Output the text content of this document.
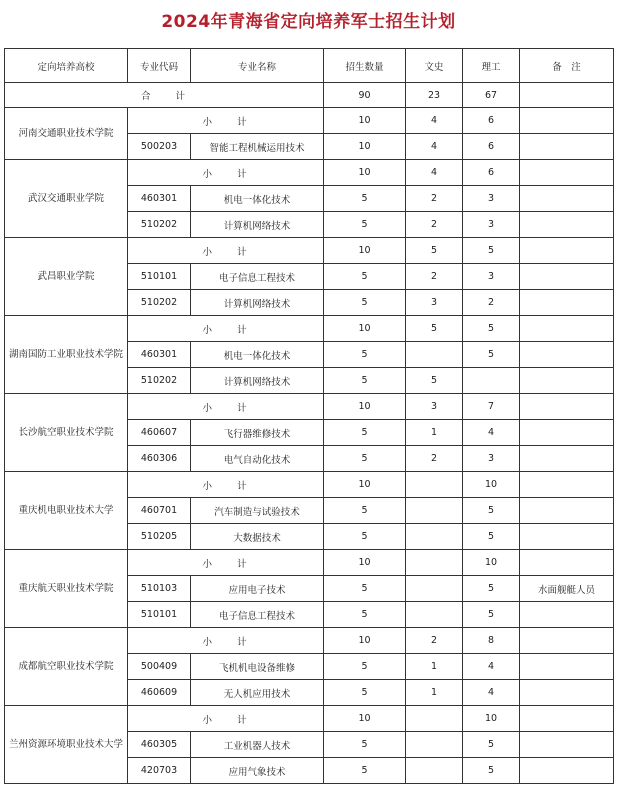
2024年青海省定向培养军士招生计划
定向培养高校	专业代码	专业名称	招生数量	文史	理工	备　注
合　　计			90	23	67	
河南交通职业技术学院	小　　计		10	4	6	
	500203	智能工程机械运用技术	10	4	6	
武汉交通职业学院	小　　计		10	4	6	
	460301	机电一体化技术	5	2	3	
	510202	计算机网络技术	5	2	3	
武昌职业学院	小　　计		10	5	5	
	510101	电子信息工程技术	5	2	3	
	510202	计算机网络技术	5	3	2	
湖南国防工业职业技术学院	小　　计		10	5	5	
	460301	机电一体化技术	5		5	
	510202	计算机网络技术	5	5		
长沙航空职业技术学院	小　　计		10	3	7	
	460607	飞行器维修技术	5	1	4	
	460306	电气自动化技术	5	2	3	
重庆机电职业技术大学	小　　计		10		10	
	460701	汽车制造与试验技术	5		5	
	510205	大数据技术	5		5	
重庆航天职业技术学院	小　　计		10		10	
	510103	应用电子技术	5		5	水面舰艇人员
	510101	电子信息工程技术	5		5	
成都航空职业技术学院	小　　计		10	2	8	
	500409	飞机机电设备维修	5	1	4	
	460609	无人机应用技术	5	1	4	
兰州资源环境职业技术大学	小　　计		10		10	
	460305	工业机器人技术	5		5	
	420703	应用气象技术	5		5	
